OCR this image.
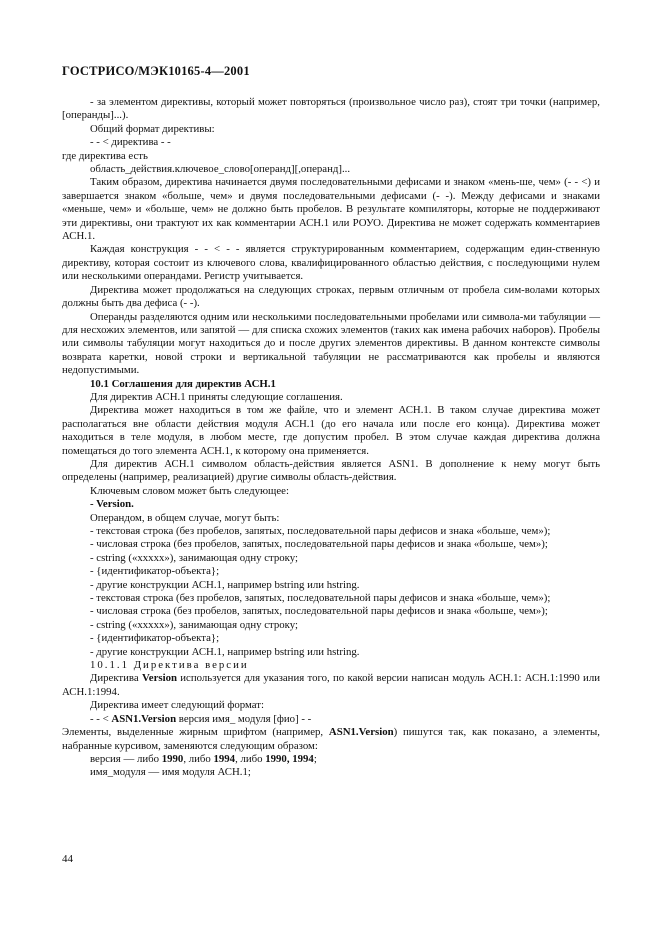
ГОСТРИСО/МЭК10165-4—2001

- за элементом директивы, который может повторяться (произвольное число раз), стоят три точки (например, [операнды]...).

Общий формат директивы:

- - < директива - -

где директива есть

область_действия.ключевое_слово[операнд][,операнд]...

Таким образом, директива начинается двумя последовательными дефисами и знаком «мень-ше, чем» (- - <) и завершается знаком «больше, чем» и двумя последовательными дефисами (- -). Между дефисами и знаками «меньше, чем» и «больше, чем» не должно быть пробелов. В результате компиляторы, которые не поддерживают эти директивы, они трактуют их как комментарии АСН.1 или РОУО. Директива не может содержать комментариев АСН.1.

Каждая конструкция - - < - - является структурированным комментарием, содержащим един-ственную директиву, которая состоит из ключевого слова, квалифицированного областью действия, с последующими нулем или несколькими операндами. Регистр учитывается.

Директива может продолжаться на следующих строках, первым отличным от пробела сим-волами которых должны быть два дефиса (- -).

Операнды разделяются одним или несколькими последовательными пробелами или символа-ми табуляции — для несхожих элементов, или запятой — для списка схожих элементов (таких как имена рабочих наборов). Пробелы или символы табуляции могут находиться до и после других элементов директивы. В данном контексте символы возврата каретки, новой строки и вертикальной табуляции не рассматриваются как пробелы и являются недопустимыми.

10.1 Соглашения для директив АСН.1

Для директив АСН.1 приняты следующие соглашения.

Директива может находиться в том же файле, что и элемент АСН.1. В таком случае директива может располагаться вне области действия модуля АСН.1 (до его начала или после его конца). Директива может находиться в теле модуля, в любом месте, где допустим пробел. В этом случае каждая директива должна помещаться до того элемента АСН.1, к которому она применяется.

Для директив АСН.1 символом область-действия является ASN1. В дополнение к нему могут быть определены (например, реализацией) другие символы область-действия.

Ключевым словом может быть следующее:

- Version.

Операндом, в общем случае, могут быть:

- текстовая строка (без пробелов, запятых, последовательной пары дефисов и знака «больше, чем»);

- числовая строка (без пробелов, запятых, последовательной пары дефисов и знака «больше, чем»);

- cstring («xxxxx»), занимающая одну строку;

- {идентификатор-объекта};

- другие конструкции АСН.1, например bstring или hstring.

- текстовая строка (без пробелов, запятых, последовательной пары дефисов и знака «больше, чем»);

- числовая строка (без пробелов, запятых, последовательной пары дефисов и знака «больше, чем»);

- cstring («xxxxx»), занимающая одну строку;

- {идентификатор-объекта};

- другие конструкции АСН.1, например bstring или hstring.

10.1.1 Директива версии

Директива Version используется для указания того, по какой версии написан модуль АСН.1: АСН.1:1990 или АСН.1:1994.

Директива имеет следующий формат:

- - < ASN1.Version версия имя_ модуля [фио] - -

Элементы, выделенные жирным шрифтом (например, ASN1.Version) пишутся так, как показано, а элементы, набранные курсивом, заменяются следующим образом:

версия — либо 1990, либо 1994, либо 1990, 1994;

имя_модуля — имя модуля АСН.1;

44
